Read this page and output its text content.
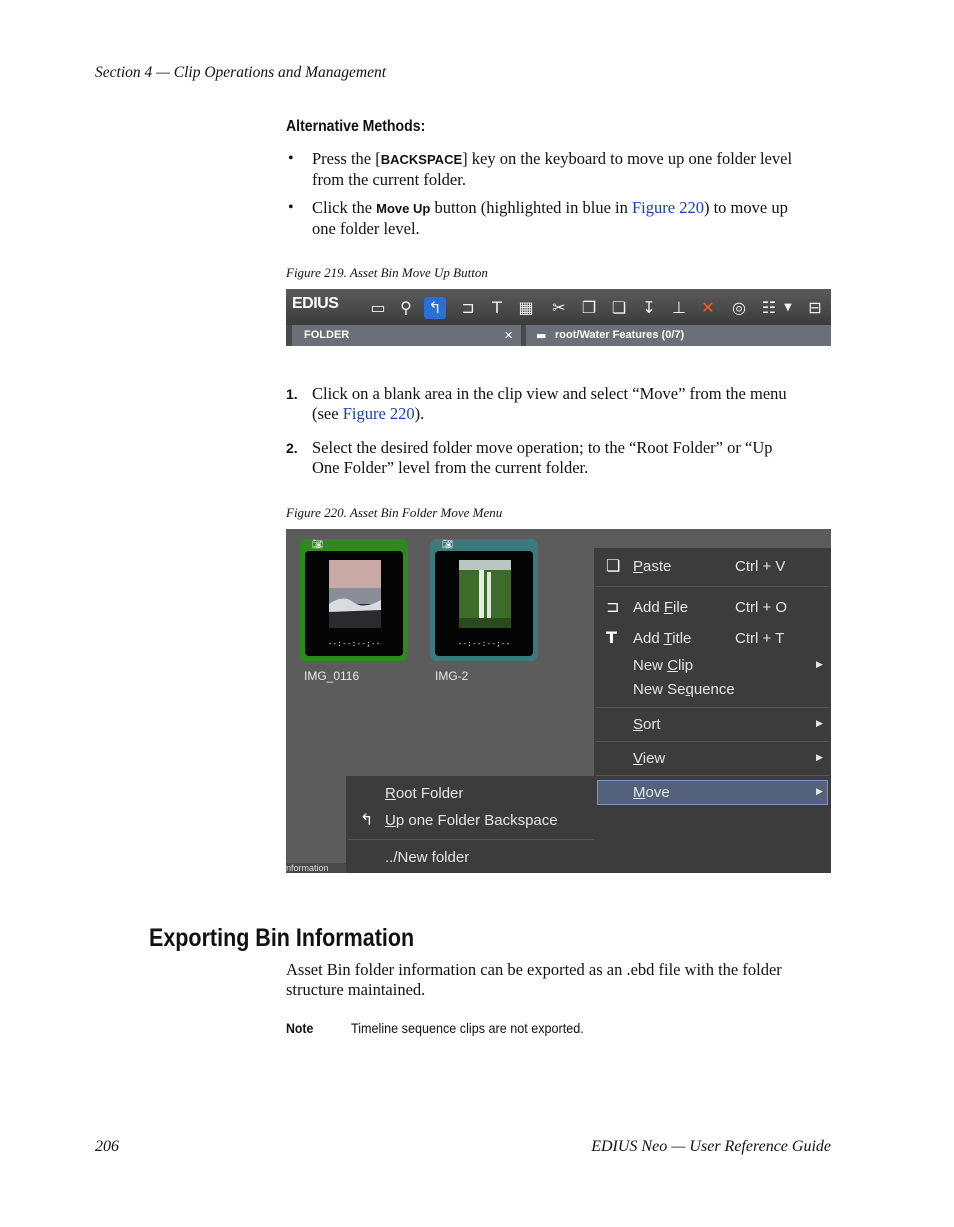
Section 4 — Clip Operations and Management
Alternative Methods:
• Press the [BACKSPACE] key on the keyboard to move up one folder level
from the current folder.
• Click the Move Up button (highlighted in blue in Figure 220) to move up
one folder level.
Figure 219. Asset Bin Move Up Button
EDIUS ▭ ⚲	↰ ⊐	T	▦ ✂ ❐ ❏ ↧ ⊥ ✕ ◎ ☷ ▼	⊟
FOLDER	✕ ▬ root/Water Features (0/7)
1. Click on a blank area in the clip view and select “Move” from the menu
(see Figure 220).
2. Select the desired folder move operation; to the “Root Folder” or “Up
One Folder” level from the current folder.
Figure 220. Asset Bin Folder Move Menu
📷︎
--:--:--;--
IMG_0116
📷︎
--:--:--;--
IMG-2
nformation
❏ Paste	Ctrl + V
⊐ Add File	Ctrl + O
T Add Title	Ctrl + T
New Clip	▶
New Sequence
Sort	▶
View	▶
Move	▶
Root Folder
↰ Up one Folder Backspace
../New folder
Exporting Bin Information
Asset Bin folder information can be exported as an .ebd file with the folder
structure maintained.
Note	Timeline sequence clips are not exported.
206	EDIUS Neo — User Reference Guide
